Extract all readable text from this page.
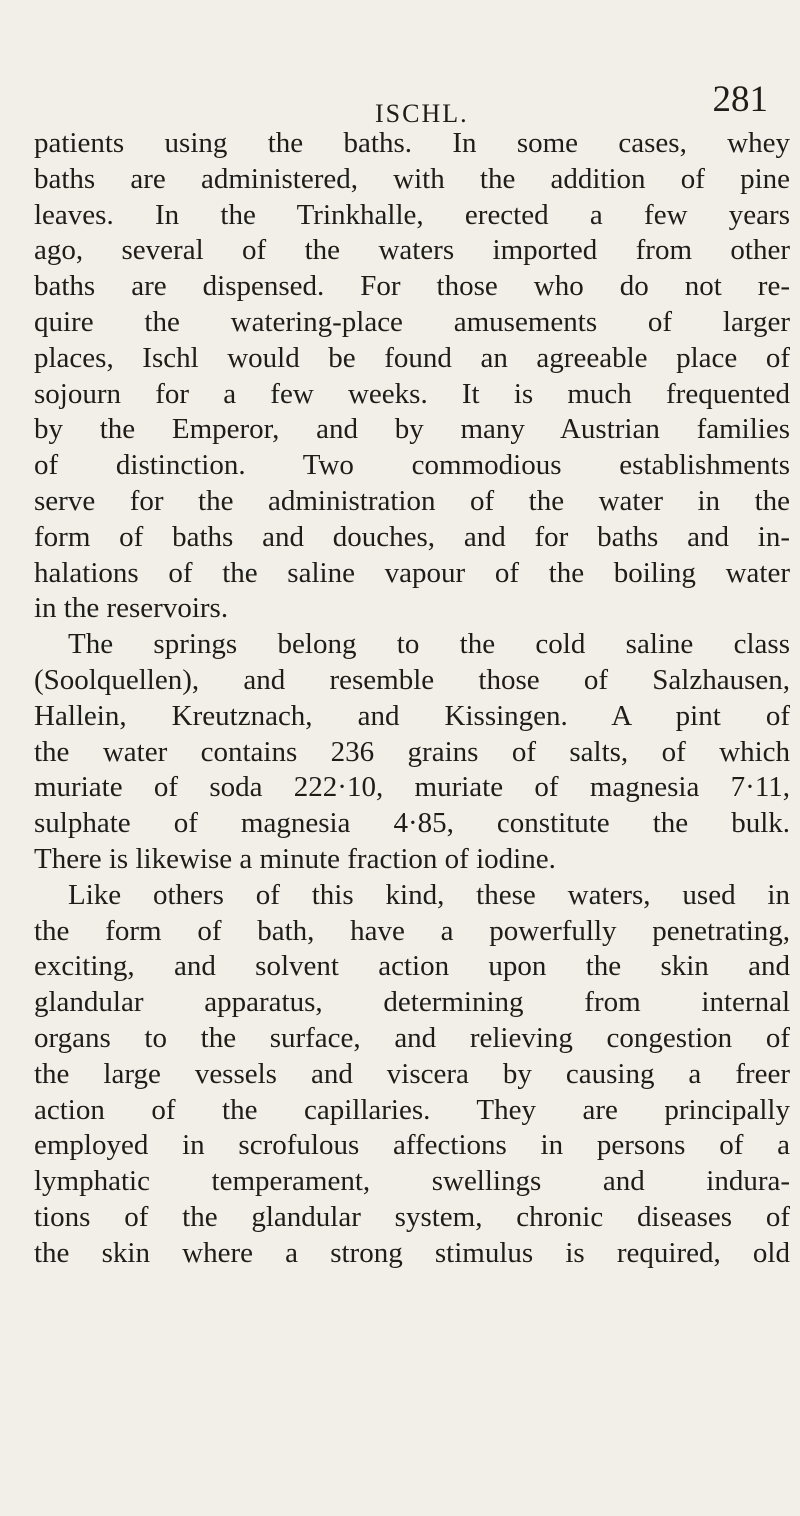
ISCHL.	281
patients using the baths. In some cases, whey
baths are administered, with the addition of pine
leaves. In the Trinkhalle, erected a few years
ago, several of the waters imported from other
baths are dispensed. For those who do not re-
quire the watering-place amusements of larger
places, Ischl would be found an agreeable place of
sojourn for a few weeks. It is much frequented
by the Emperor, and by many Austrian families
of distinction. Two commodious establishments
serve for the administration of the water in the
form of baths and douches, and for baths and in-
halations of the saline vapour of the boiling water
in the reservoirs.
The springs belong to the cold saline class
(Soolquellen), and resemble those of Salzhausen,
Hallein, Kreutznach, and Kissingen. A pint of
the water contains 236 grains of salts, of which
muriate of soda 222·10, muriate of magnesia 7·11,
sulphate of magnesia 4·85, constitute the bulk.
There is likewise a minute fraction of iodine.
Like others of this kind, these waters, used in
the form of bath, have a powerfully penetrating,
exciting, and solvent action upon the skin and
glandular apparatus, determining from internal
organs to the surface, and relieving congestion of
the large vessels and viscera by causing a freer
action of the capillaries. They are principally
employed in scrofulous affections in persons of a
lymphatic temperament, swellings and indura-
tions of the glandular system, chronic diseases of
the skin where a strong stimulus is required, old
